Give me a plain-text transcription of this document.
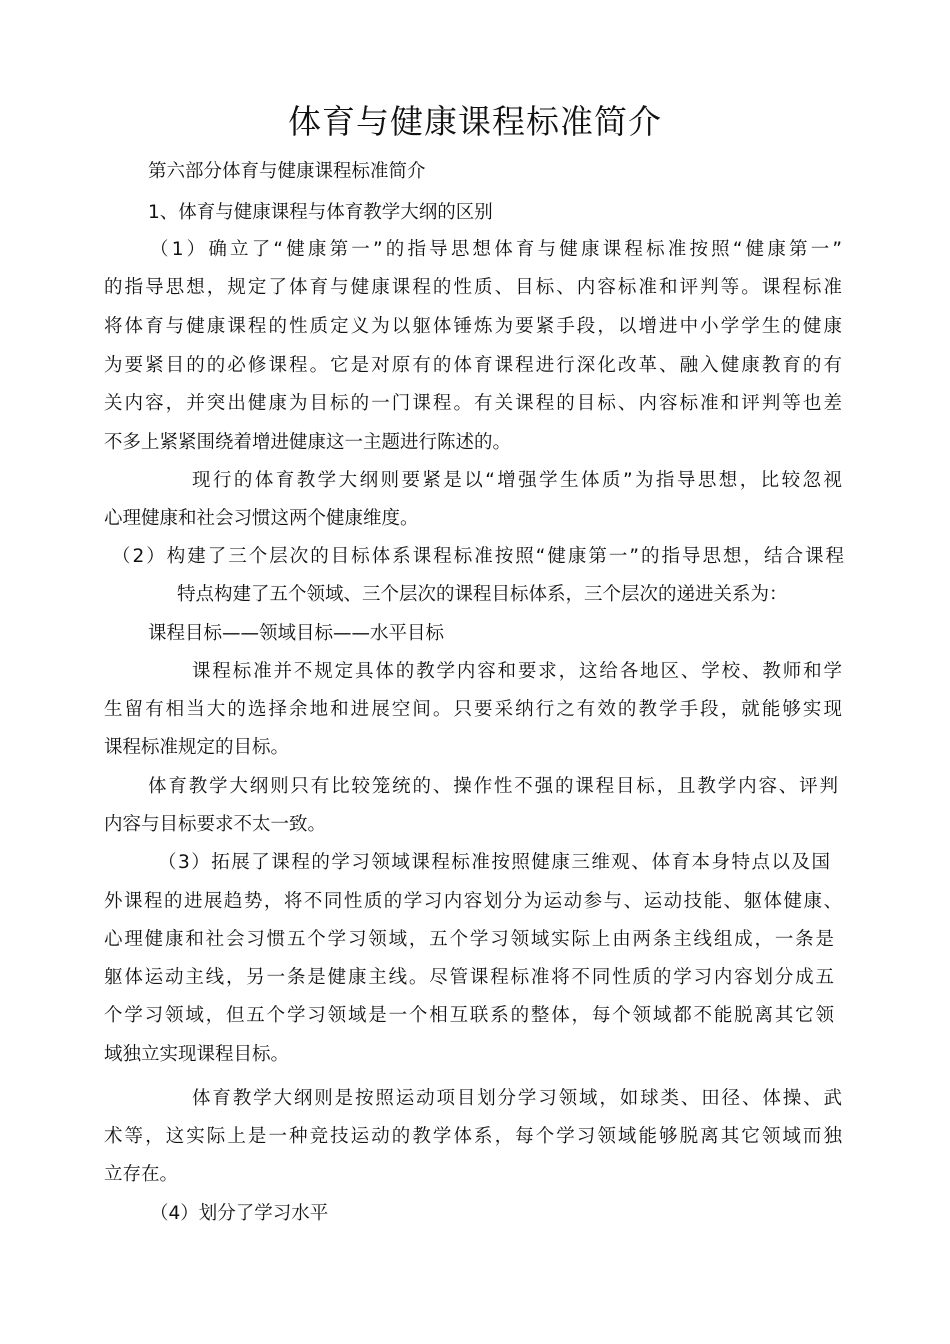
体育与健康课程标准简介

第六部分体育与健康课程标准简介

1、体育与健康课程与体育教学大纲的区别

（1）确立了“健康第一”的指导思想体育与健康课程标准按照“健康第一”

的指导思想，规定了体育与健康课程的性质、目标、内容标准和评判等。课程标准

将体育与健康课程的性质定义为以躯体锤炼为要紧手段，以增进中小学学生的健康

为要紧目的的必修课程。它是对原有的体育课程进行深化改革、融入健康教育的有

关内容，并突出健康为目标的一门课程。有关课程的目标、内容标准和评判等也差

不多上紧紧围绕着增进健康这一主题进行陈述的。

现行的体育教学大纲则要紧是以“增强学生体质”为指导思想，比较忽视

心理健康和社会习惯这两个健康维度。

（2）构建了三个层次的目标体系课程标准按照“健康第一”的指导思想，结合课程

特点构建了五个领域、三个层次的课程目标体系，三个层次的递进关系为：

课程目标——领域目标——水平目标

课程标准并不规定具体的教学内容和要求，这给各地区、学校、教师和学

生留有相当大的选择余地和进展空间。只要采纳行之有效的教学手段，就能够实现

课程标准规定的目标。

体育教学大纲则只有比较笼统的、操作性不强的课程目标，且教学内容、评判

内容与目标要求不太一致。

（3）拓展了课程的学习领域课程标准按照健康三维观、体育本身特点以及国

外课程的进展趋势，将不同性质的学习内容划分为运动参与、运动技能、躯体健康、

心理健康和社会习惯五个学习领域，五个学习领域实际上由两条主线组成，一条是

躯体运动主线，另一条是健康主线。尽管课程标准将不同性质的学习内容划分成五

个学习领域，但五个学习领域是一个相互联系的整体，每个领域都不能脱离其它领

域独立实现课程目标。

体育教学大纲则是按照运动项目划分学习领域，如球类、田径、体操、武

术等，这实际上是一种竞技运动的教学体系，每个学习领域能够脱离其它领域而独

立存在。

（4）划分了学习水平
